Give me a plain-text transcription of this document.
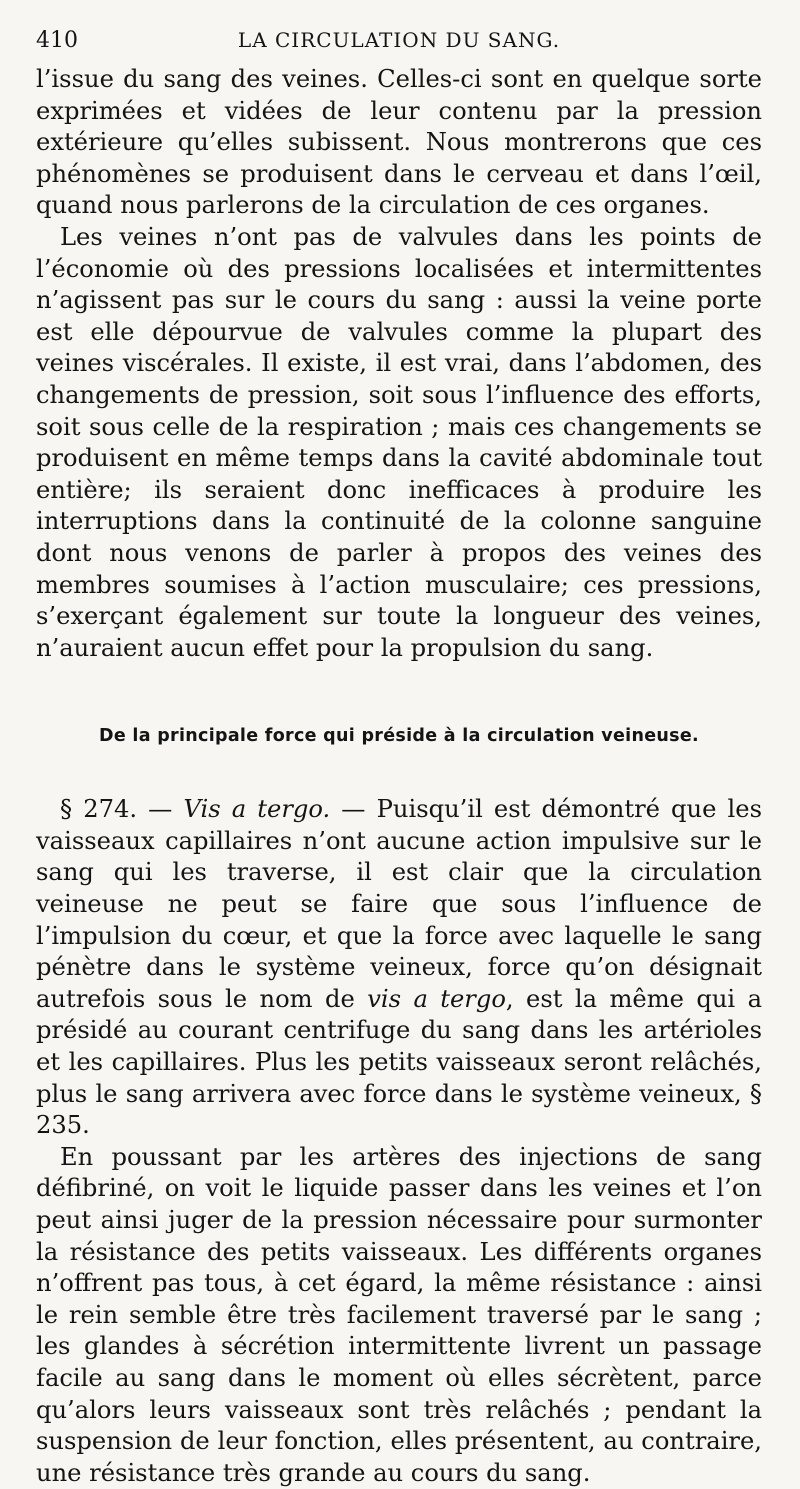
410	LA CIRCULATION DU SANG.

l’issue du sang des veines. Celles-ci sont en quelque sorte exprimées et vidées de leur contenu par la pression extérieure qu’elles subissent. Nous montrerons que ces phénomènes se produisent dans le cerveau et dans l’œil, quand nous parlerons de la circulation de ces organes.

Les veines n’ont pas de valvules dans les points de l’économie où des pressions localisées et intermittentes n’agissent pas sur le cours du sang : aussi la veine porte est elle dépourvue de valvules comme la plupart des veines viscérales. Il existe, il est vrai, dans l’abdomen, des changements de pression, soit sous l’influence des efforts, soit sous celle de la respiration ; mais ces changements se produisent en même temps dans la cavité abdominale tout entière; ils seraient donc inefficaces à produire les interruptions dans la continuité de la colonne sanguine dont nous venons de parler à propos des veines des membres soumises à l’action musculaire; ces pressions, s’exerçant également sur toute la longueur des veines, n’auraient aucun effet pour la propulsion du sang.

De la principale force qui préside à la circulation veineuse.

§ 274. — Vis a tergo. — Puisqu’il est démontré que les vaisseaux capillaires n’ont aucune action impulsive sur le sang qui les traverse, il est clair que la circulation veineuse ne peut se faire que sous l’influence de l’impulsion du cœur, et que la force avec laquelle le sang pénètre dans le système veineux, force qu’on désignait autrefois sous le nom de vis a tergo, est la même qui a présidé au courant centrifuge du sang dans les artérioles et les capillaires. Plus les petits vaisseaux seront relâchés, plus le sang arrivera avec force dans le système veineux, § 235.

En poussant par les artères des injections de sang défibriné, on voit le liquide passer dans les veines et l’on peut ainsi juger de la pression nécessaire pour surmonter la résistance des petits vaisseaux. Les différents organes n’offrent pas tous, à cet égard, la même résistance : ainsi le rein semble être très facilement traversé par le sang ; les glandes à sécrétion intermittente livrent un passage facile au sang dans le moment où elles sécrètent, parce qu’alors leurs vaisseaux sont très relâchés ; pendant la suspension de leur fonction, elles présentent, au contraire, une résistance très grande au cours du sang.
